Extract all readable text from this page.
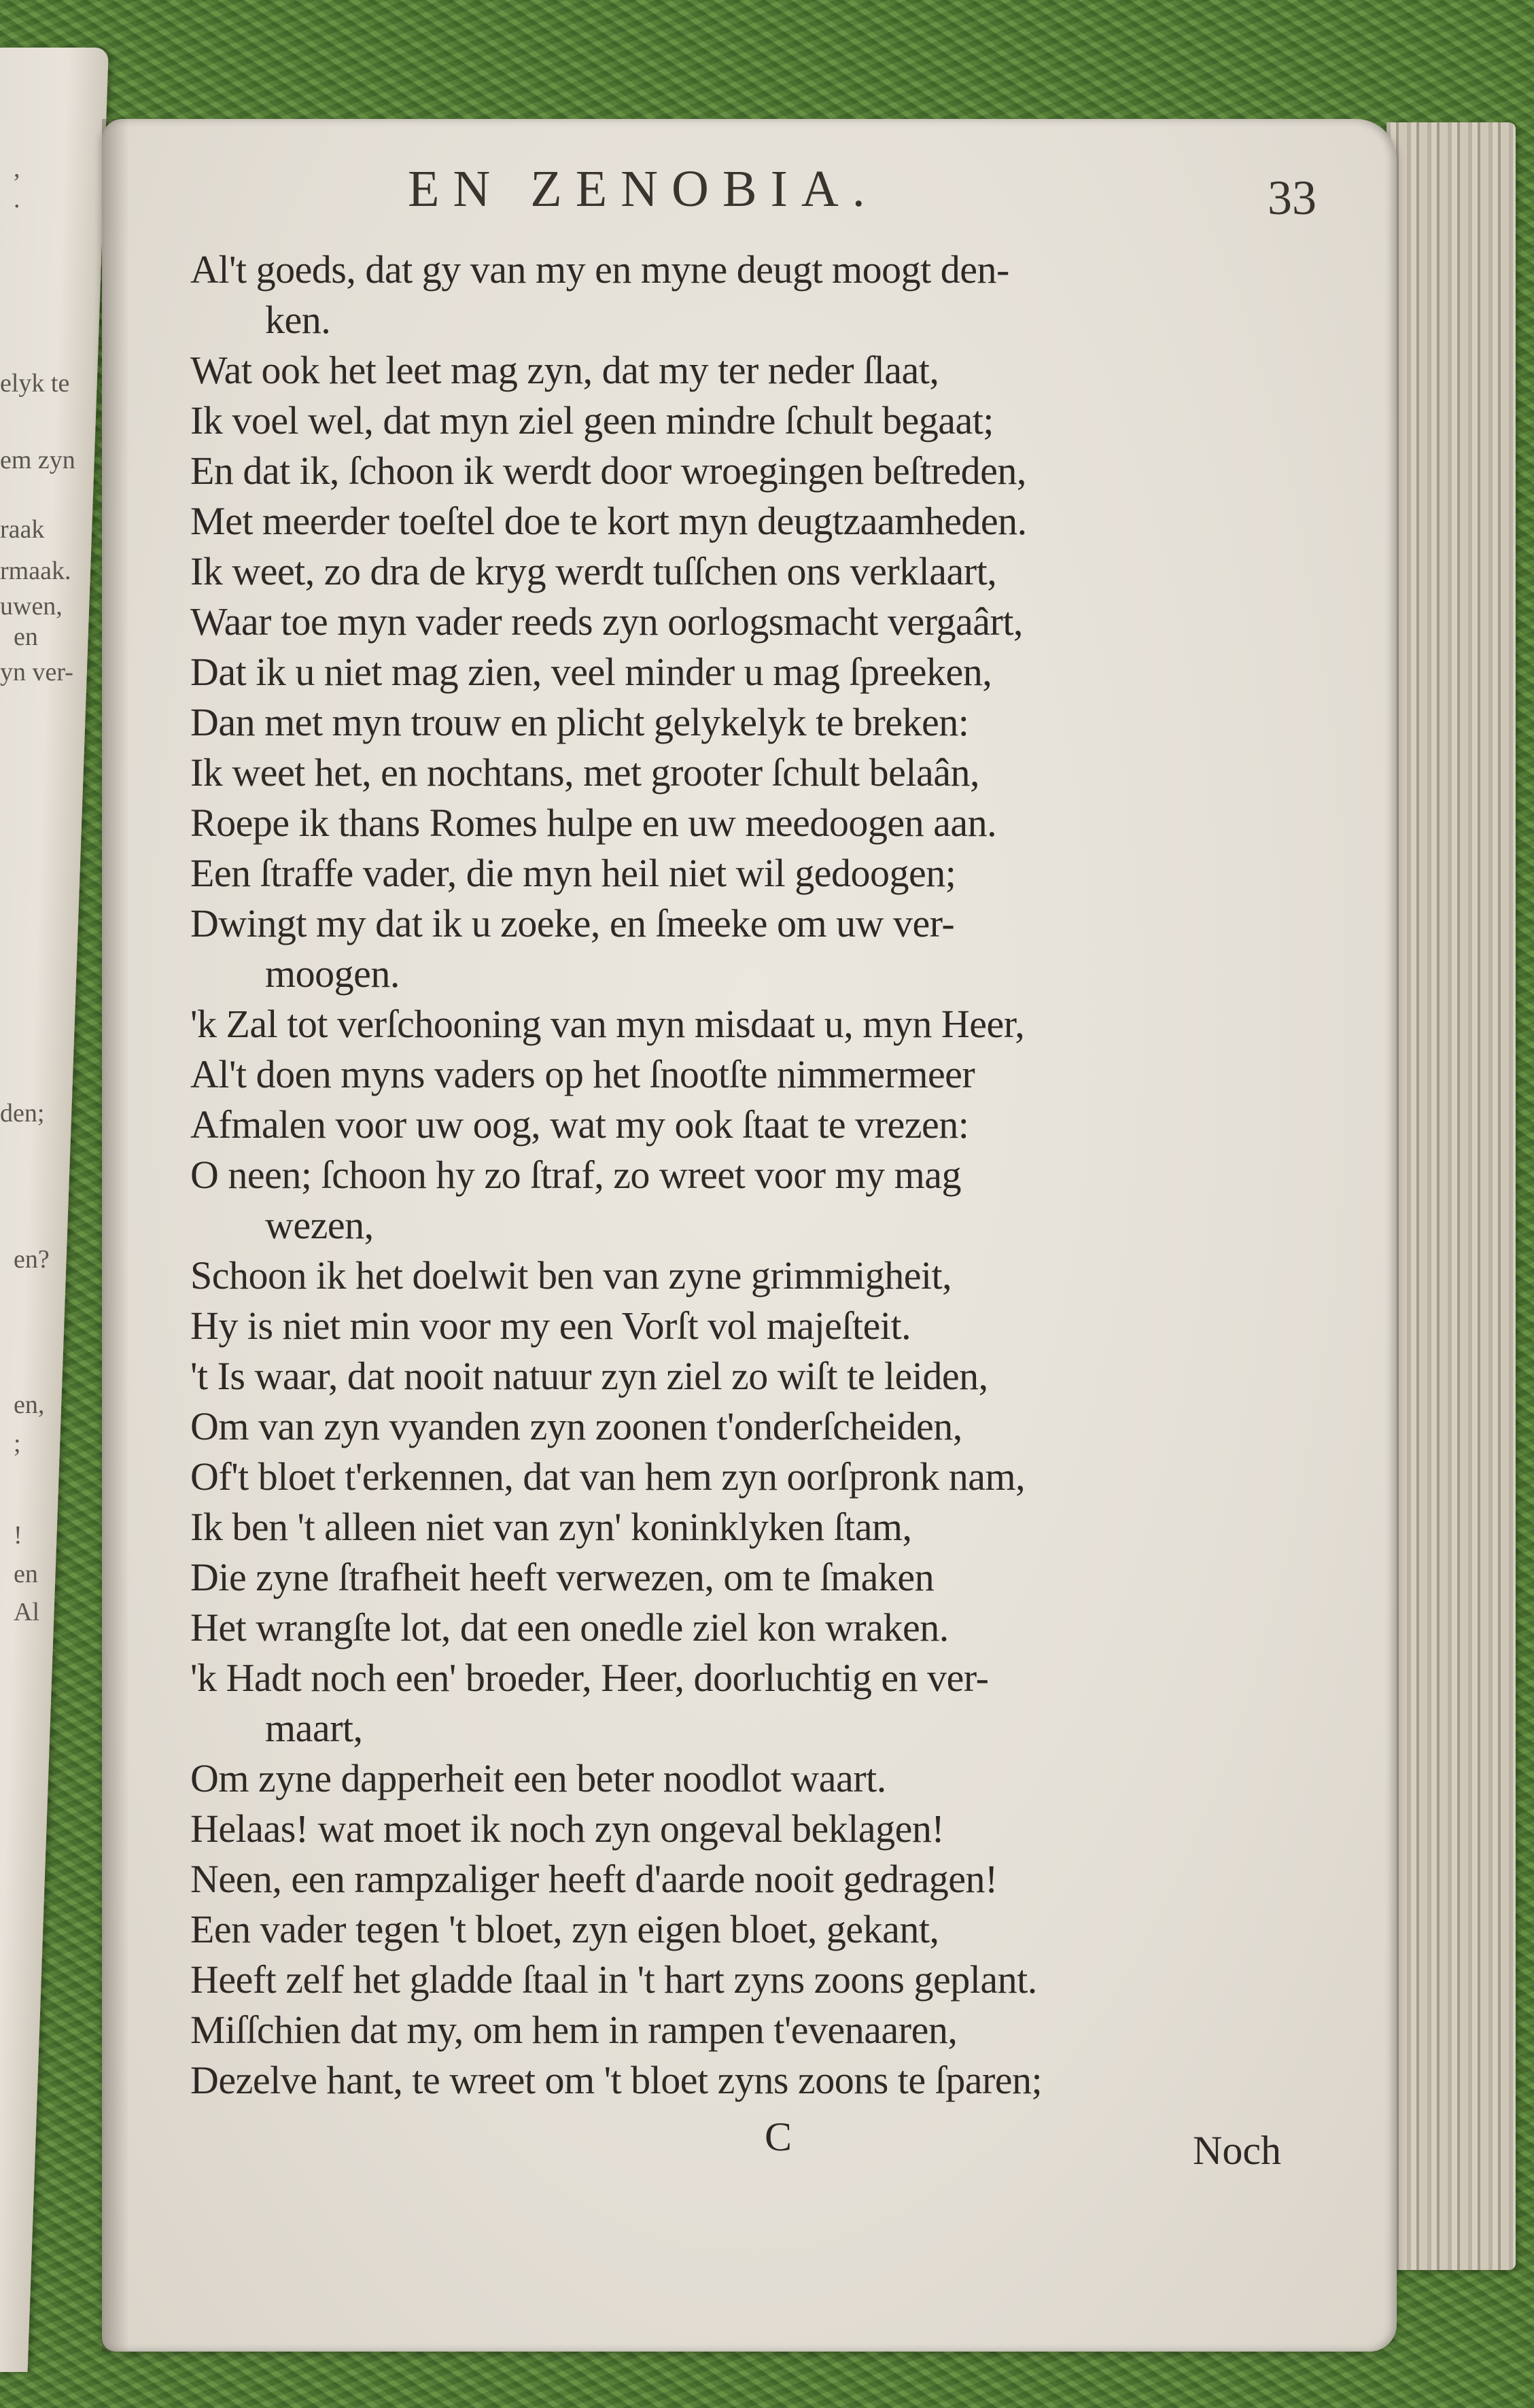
,
.
elyk te
em zyn
raak
rmaak.
uwen,
en
yn ver-
den;
en?
en,
;
!
en
Al
EN ZENOBIA.	33
Al't goeds, dat gy van my en myne deugt moogt den-
ken.
Wat ook het leet mag zyn, dat my ter neder ſlaat,
Ik voel wel, dat myn ziel geen mindre ſchult begaat;
En dat ik, ſchoon ik werdt door wroegingen beſtreden,
Met meerder toeſtel doe te kort myn deugtzaamheden.
Ik weet, zo dra de kryg werdt tuſſchen ons verklaart,
Waar toe myn vader reeds zyn oorlogsmacht vergaârt,
Dat ik u niet mag zien, veel minder u mag ſpreeken,
Dan met myn trouw en plicht gelykelyk te breken:
Ik weet het, en nochtans, met grooter ſchult belaân,
Roepe ik thans Romes hulpe en uw meedoogen aan.
Een ſtraffe vader, die myn heil niet wil gedoogen;
Dwingt my dat ik u zoeke, en ſmeeke om uw ver-
moogen.
'k Zal tot verſchooning van myn misdaat u, myn Heer,
Al't doen myns vaders op het ſnootſte nimmermeer
Afmalen voor uw oog, wat my ook ſtaat te vrezen:
O neen; ſchoon hy zo ſtraf, zo wreet voor my mag
wezen,
Schoon ik het doelwit ben van zyne grimmigheit,
Hy is niet min voor my een Vorſt vol majeſteit.
't Is waar, dat nooit natuur zyn ziel zo wiſt te leiden,
Om van zyn vyanden zyn zoonen t'onderſcheiden,
Of't bloet t'erkennen, dat van hem zyn oorſpronk nam,
Ik ben 't alleen niet van zyn' koninklyken ſtam,
Die zyne ſtrafheit heeft verwezen, om te ſmaken
Het wrangſte lot, dat een onedle ziel kon wraken.
'k Hadt noch een' broeder, Heer, doorluchtig en ver-
maart,
Om zyne dapperheit een beter noodlot waart.
Helaas! wat moet ik noch zyn ongeval beklagen!
Neen, een rampzaliger heeft d'aarde nooit gedragen!
Een vader tegen 't bloet, zyn eigen bloet, gekant,
Heeft zelf het gladde ſtaal in 't hart zyns zoons geplant.
Miſſchien dat my, om hem in rampen t'evenaaren,
Dezelve hant, te wreet om 't bloet zyns zoons te ſparen;
C	Noch
